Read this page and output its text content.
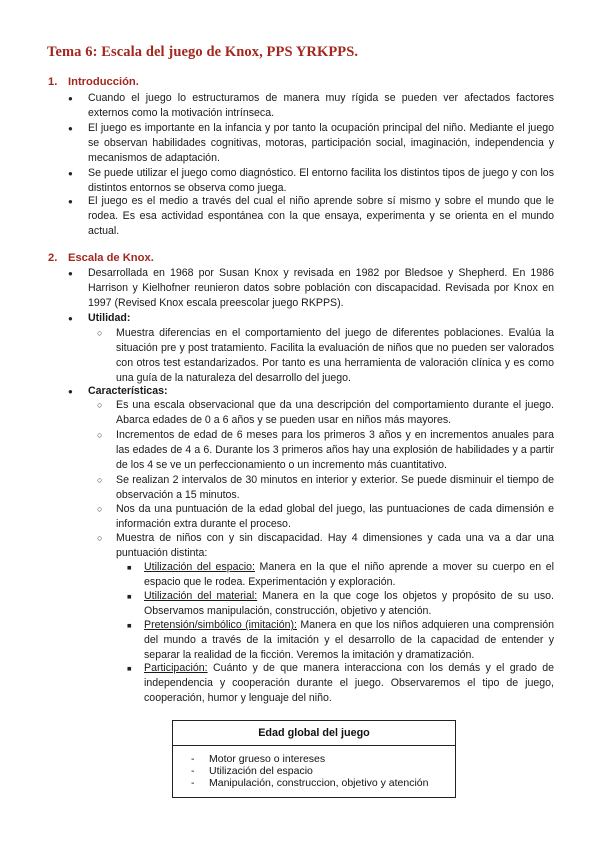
Tema 6: Escala del juego de Knox, PPS YRKPPS.
1. Introducción.
● Cuando el juego lo estructuramos de manera muy rígida se pueden ver afectados factores externos como la motivación intrínseca.
● El juego es importante en la infancia y por tanto la ocupación principal del niño. Mediante el juego se observan habilidades cognitivas, motoras, participación social, imaginación, independencia y mecanismos de adaptación.
● Se puede utilizar el juego como diagnóstico. El entorno facilita los distintos tipos de juego y con los distintos entornos se observa como juega.
● El juego es el medio a través del cual el niño aprende sobre sí mismo y sobre el mundo que le rodea. Es esa actividad espontánea con la que ensaya, experimenta y se orienta en el mundo actual.
2. Escala de Knox.
● Desarrollada en 1968 por Susan Knox y revisada en 1982 por Bledsoe y Shepherd. En 1986 Harrison y Kielhofner reunieron datos sobre población con discapacidad. Revisada por Knox en 1997 (Revised Knox escala preescolar juego RKPPS).
● Utilidad:
○ Muestra diferencias en el comportamiento del juego de diferentes poblaciones. Evalúa la situación pre y post tratamiento. Facilita la evaluación de niños que no pueden ser valorados con otros test estandarizados. Por tanto es una herramienta de valoración clínica y es como una guía de la naturaleza del desarrollo del juego.
● Características:
○ Es una escala observacional que da una descripción del comportamiento durante el juego. Abarca edades de 0 a 6 años y se pueden usar en niños más mayores.
○ Incrementos de edad de 6 meses para los primeros 3 años y en incrementos anuales para las edades de 4 a 6. Durante los 3 primeros años hay una explosión de habilidades y a partir de los 4 se ve un perfeccionamiento o un incremento más cuantitativo.
○ Se realizan 2 intervalos de 30 minutos en interior y exterior. Se puede disminuir el tiempo de observación a 15 minutos.
○ Nos da una puntuación de la edad global del juego, las puntuaciones de cada dimensión e información extra durante el proceso.
○ Muestra de niños con y sin discapacidad. Hay 4 dimensiones y cada una va a dar una puntuación distinta:
■ Utilización del espacio: Manera en la que el niño aprende a mover su cuerpo en el espacio que le rodea. Experimentación y exploración.
■ Utilización del material: Manera en la que coge los objetos y propósito de su uso. Observamos manipulación, construcción, objetivo y atención.
■ Pretensión/simbólico (imitación): Manera en que los niños adquieren una comprensión del mundo a través de la imitación y el desarrollo de la capacidad de entender y separar la realidad de la ficción. Veremos la imitación y dramatización.
■ Participación: Cuánto y de que manera interacciona con los demás y el grado de independencia y cooperación durante el juego. Observaremos el tipo de juego, cooperación, humor y lenguaje del niño.
Edad global del juego
- Motor grueso o intereses
- Utilización del espacio
- Manipulación, construccion, objetivo y atención
